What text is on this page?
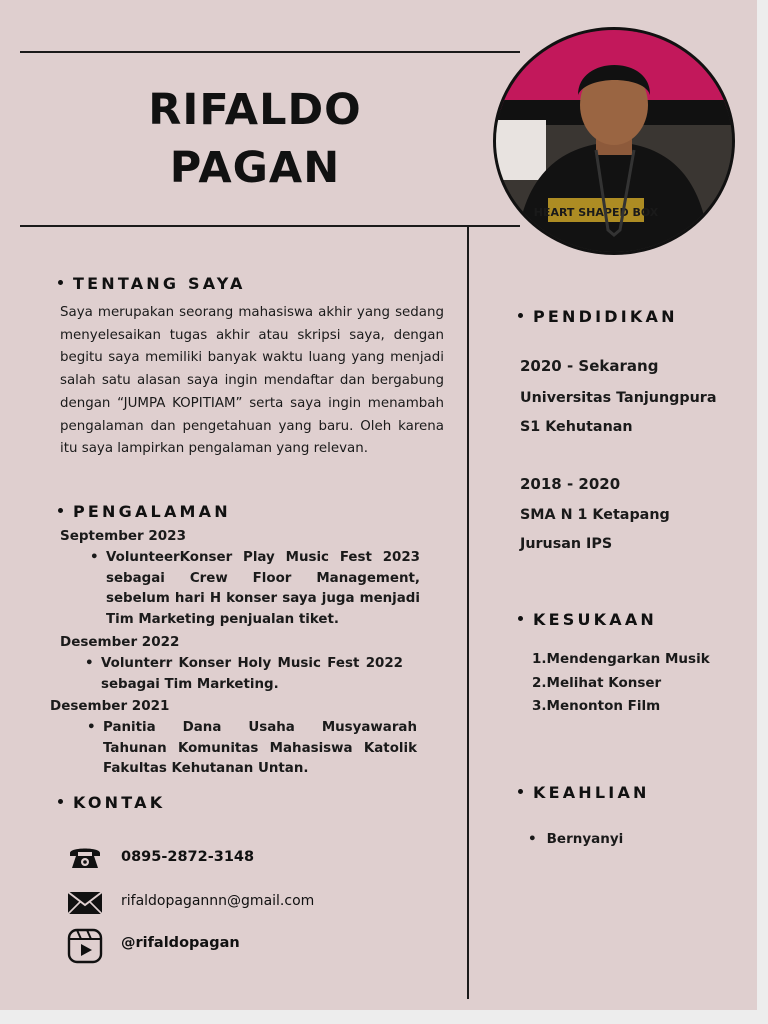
RIFALDO
PAGAN
HEART SHAPED BOX
TENTANG SAYA
Saya merupakan seorang mahasiswa akhir yang sedang menyelesaikan tugas akhir atau skripsi saya, dengan begitu saya memiliki banyak waktu luang yang menjadi salah satu alasan saya ingin mendaftar dan bergabung dengan “JUMPA KOPITIAM” serta saya ingin menambah pengalaman dan pengetahuan yang baru. Oleh karena itu saya lampirkan pengalaman yang relevan.
PENGALAMAN
September 2023
• VolunteerKonser Play Music Fest 2023 sebagai Crew Floor Management, sebelum hari H konser saya juga menjadi Tim Marketing penjualan tiket.
Desember 2022
• Volunterr Konser Holy Music Fest 2022 sebagai Tim Marketing.
Desember 2021
• Panitia Dana Usaha Musyawarah Tahunan Komunitas Mahasiswa Katolik Fakultas Kehutanan Untan.
KONTAK
0895-2872-3148
rifaldopagannn@gmail.com
@rifaldopagan
PENDIDIKAN
2020 - Sekarang
Universitas Tanjungpura
S1 Kehutanan
2018 - 2020
SMA N 1 Ketapang
Jurusan IPS
KESUKAAN
1.Mendengarkan Musik
2.Melihat Konser
3.Menonton Film
KEAHLIAN
• Bernyanyi
